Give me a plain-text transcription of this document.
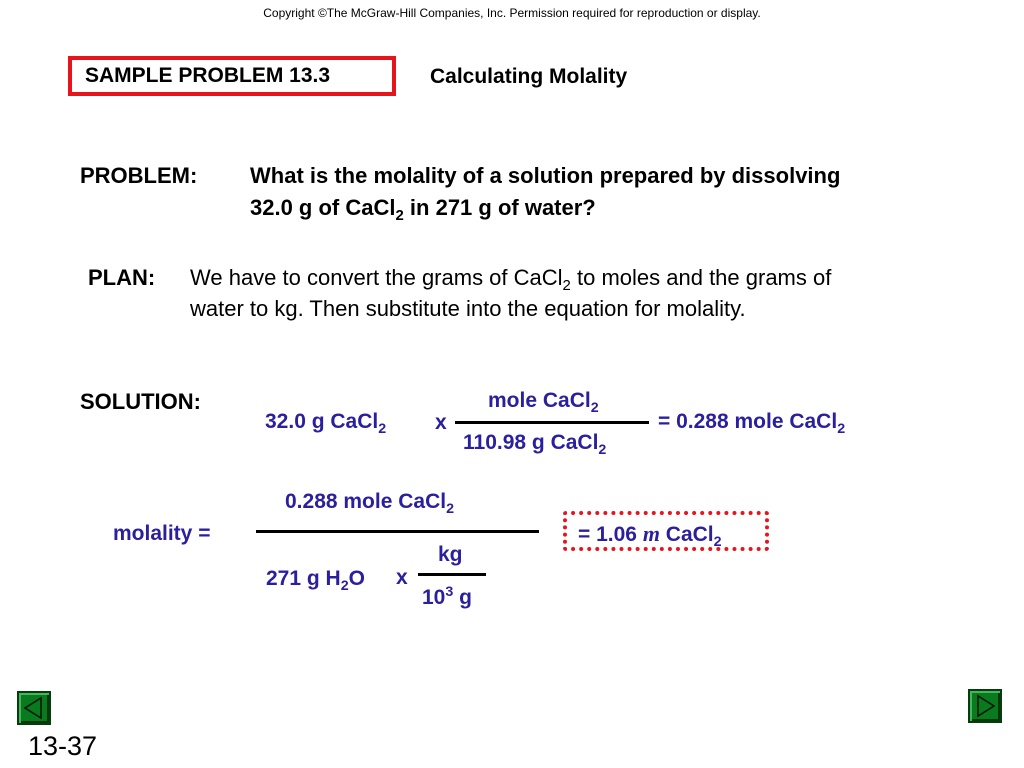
Copyright ©The McGraw-Hill Companies, Inc. Permission required for reproduction or display.
SAMPLE PROBLEM 13.3	Calculating Molality
PROBLEM: What is the molality of a solution prepared by dissolving
32.0 g of CaCl$_2$ in 271 g of water?
PLAN: We have to convert the grams of CaCl$_2$ to moles and the grams of
water to kg. Then substitute into the equation for molality.
SOLUTION:
32.0 g CaCl$_2$ x
mole CaCl$_2$
110.98 g CaCl$_2$
= 0.288 mole CaCl$_2$
0.288 mole CaCl$_2$
molality =
271 g $H_2O$ x
kg
$10^3$ g
= 1.06 m CaCl$_2$
13-37
